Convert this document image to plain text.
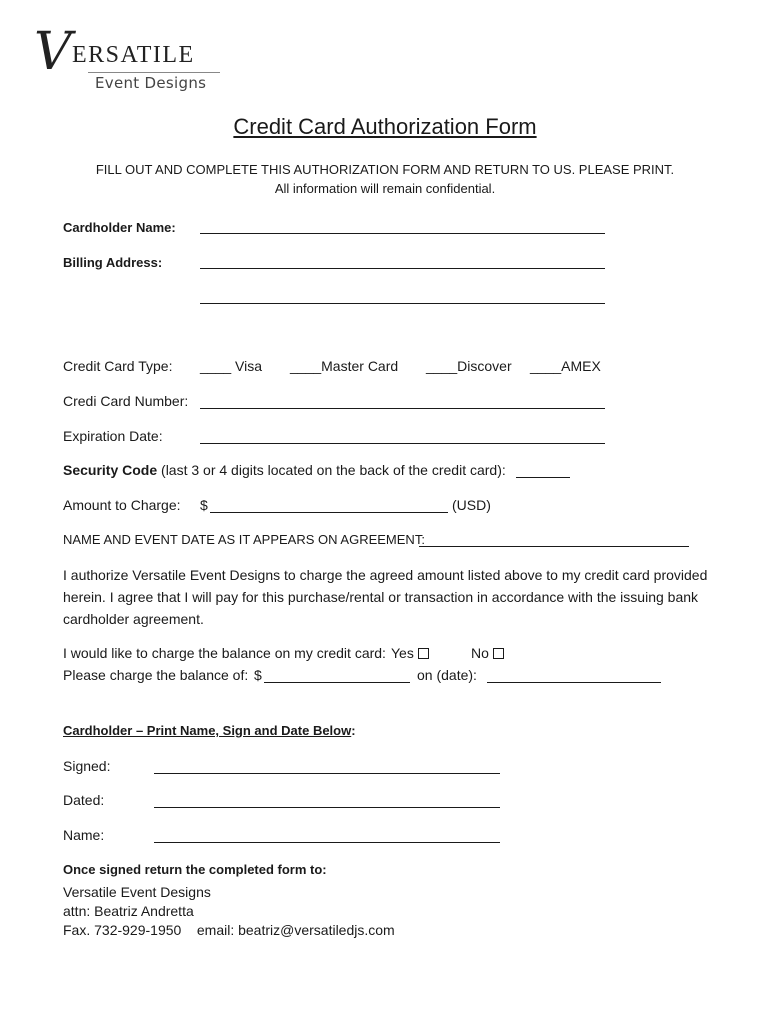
V ERSATILE
Event Designs
Credit Card Authorization Form
FILL OUT AND COMPLETE THIS AUTHORIZATION FORM AND RETURN TO US. PLEASE PRINT.
All information will remain confidential.
Cardholder Name:
Billing Address:
Credit Card Type: ____ Visa ____Master Card ____Discover ____AMEX
Credi Card Number:
Expiration Date:
Security Code (last 3 or 4 digits located on the back of the credit card):
Amount to Charge: $	(USD)
NAME AND EVENT DATE AS IT APPEARS ON AGREEMENT:
I authorize Versatile Event Designs to charge the agreed amount listed above to my credit card provided herein. I agree that I will pay for this purchase/rental or transaction in accordance with the issuing bank cardholder agreement.
I would like to charge the balance on my credit card: Yes	No
Please charge the balance of: $	on (date):
Cardholder – Print Name, Sign and Date Below:
Signed:
Dated:
Name:
Once signed return the completed form to:
Versatile Event Designs
attn: Beatriz Andretta
Fax. 732-929-1950 email: beatriz@versatiledjs.com
